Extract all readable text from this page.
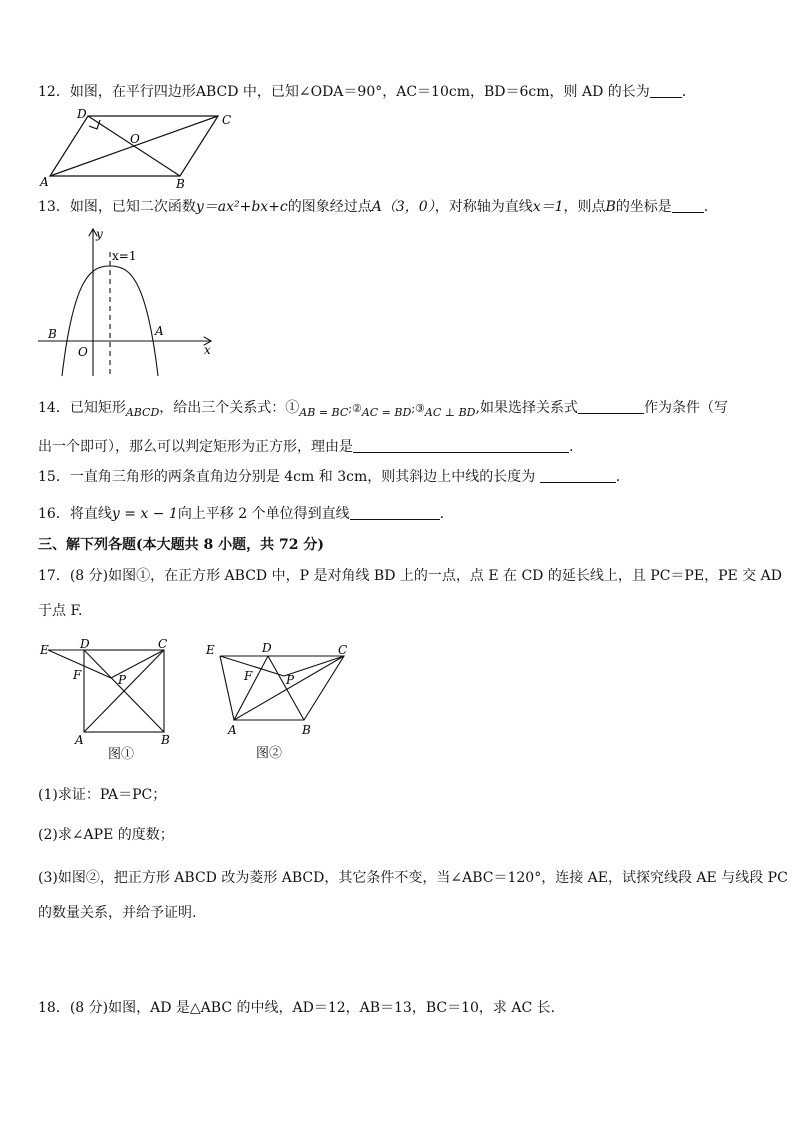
12．如图，在平行四边形ABCD 中，已知∠ODA＝90°，AC＝10cm，BD＝6cm，则 AD 的长为 ．
A	B
C
D
O
13．如图，已知二次函数y＝ax²+bx+c的图象经过点A（3，0），对称轴为直线x＝1，则点B的坐标是 ．
y
x
x=1
O
B	A
14．已知矩形$_{ABCD}$，给出三个关系式：$①_{AB = BC};②_{AC = BD};③_{AC \perp BD}$,如果选择关系式	作为条件（写
出一个即可），那么可以判定矩形为正方形，理由是	.
15．一直角三角形的两条直角边分别是 4cm 和 3cm，则其斜边上中线的长度为	.
16．将直线y = x − 1向上平移 2 个单位得到直线	.
三、解下列各题(本大题共 8 小题，共 72 分)
17．(8 分)如图①，在正方形 ABCD 中，P 是对角线 BD 上的一点，点 E 在 CD 的延长线上，且 PC＝PE，PE 交 AD
于点 F.
E	D	C
F	P
A	B
图①
E	D	C
F	P
A	B
图②
(1)求证：PA＝PC；
(2)求∠APE 的度数；
(3)如图②，把正方形 ABCD 改为菱形 ABCD，其它条件不变，当∠ABC＝120°，连接 AE，试探究线段 AE 与线段 PC
的数量关系，并给予证明.
18．(8 分)如图，AD 是△ABC 的中线，AD＝12，AB＝13，BC＝10，求 AC 长.
